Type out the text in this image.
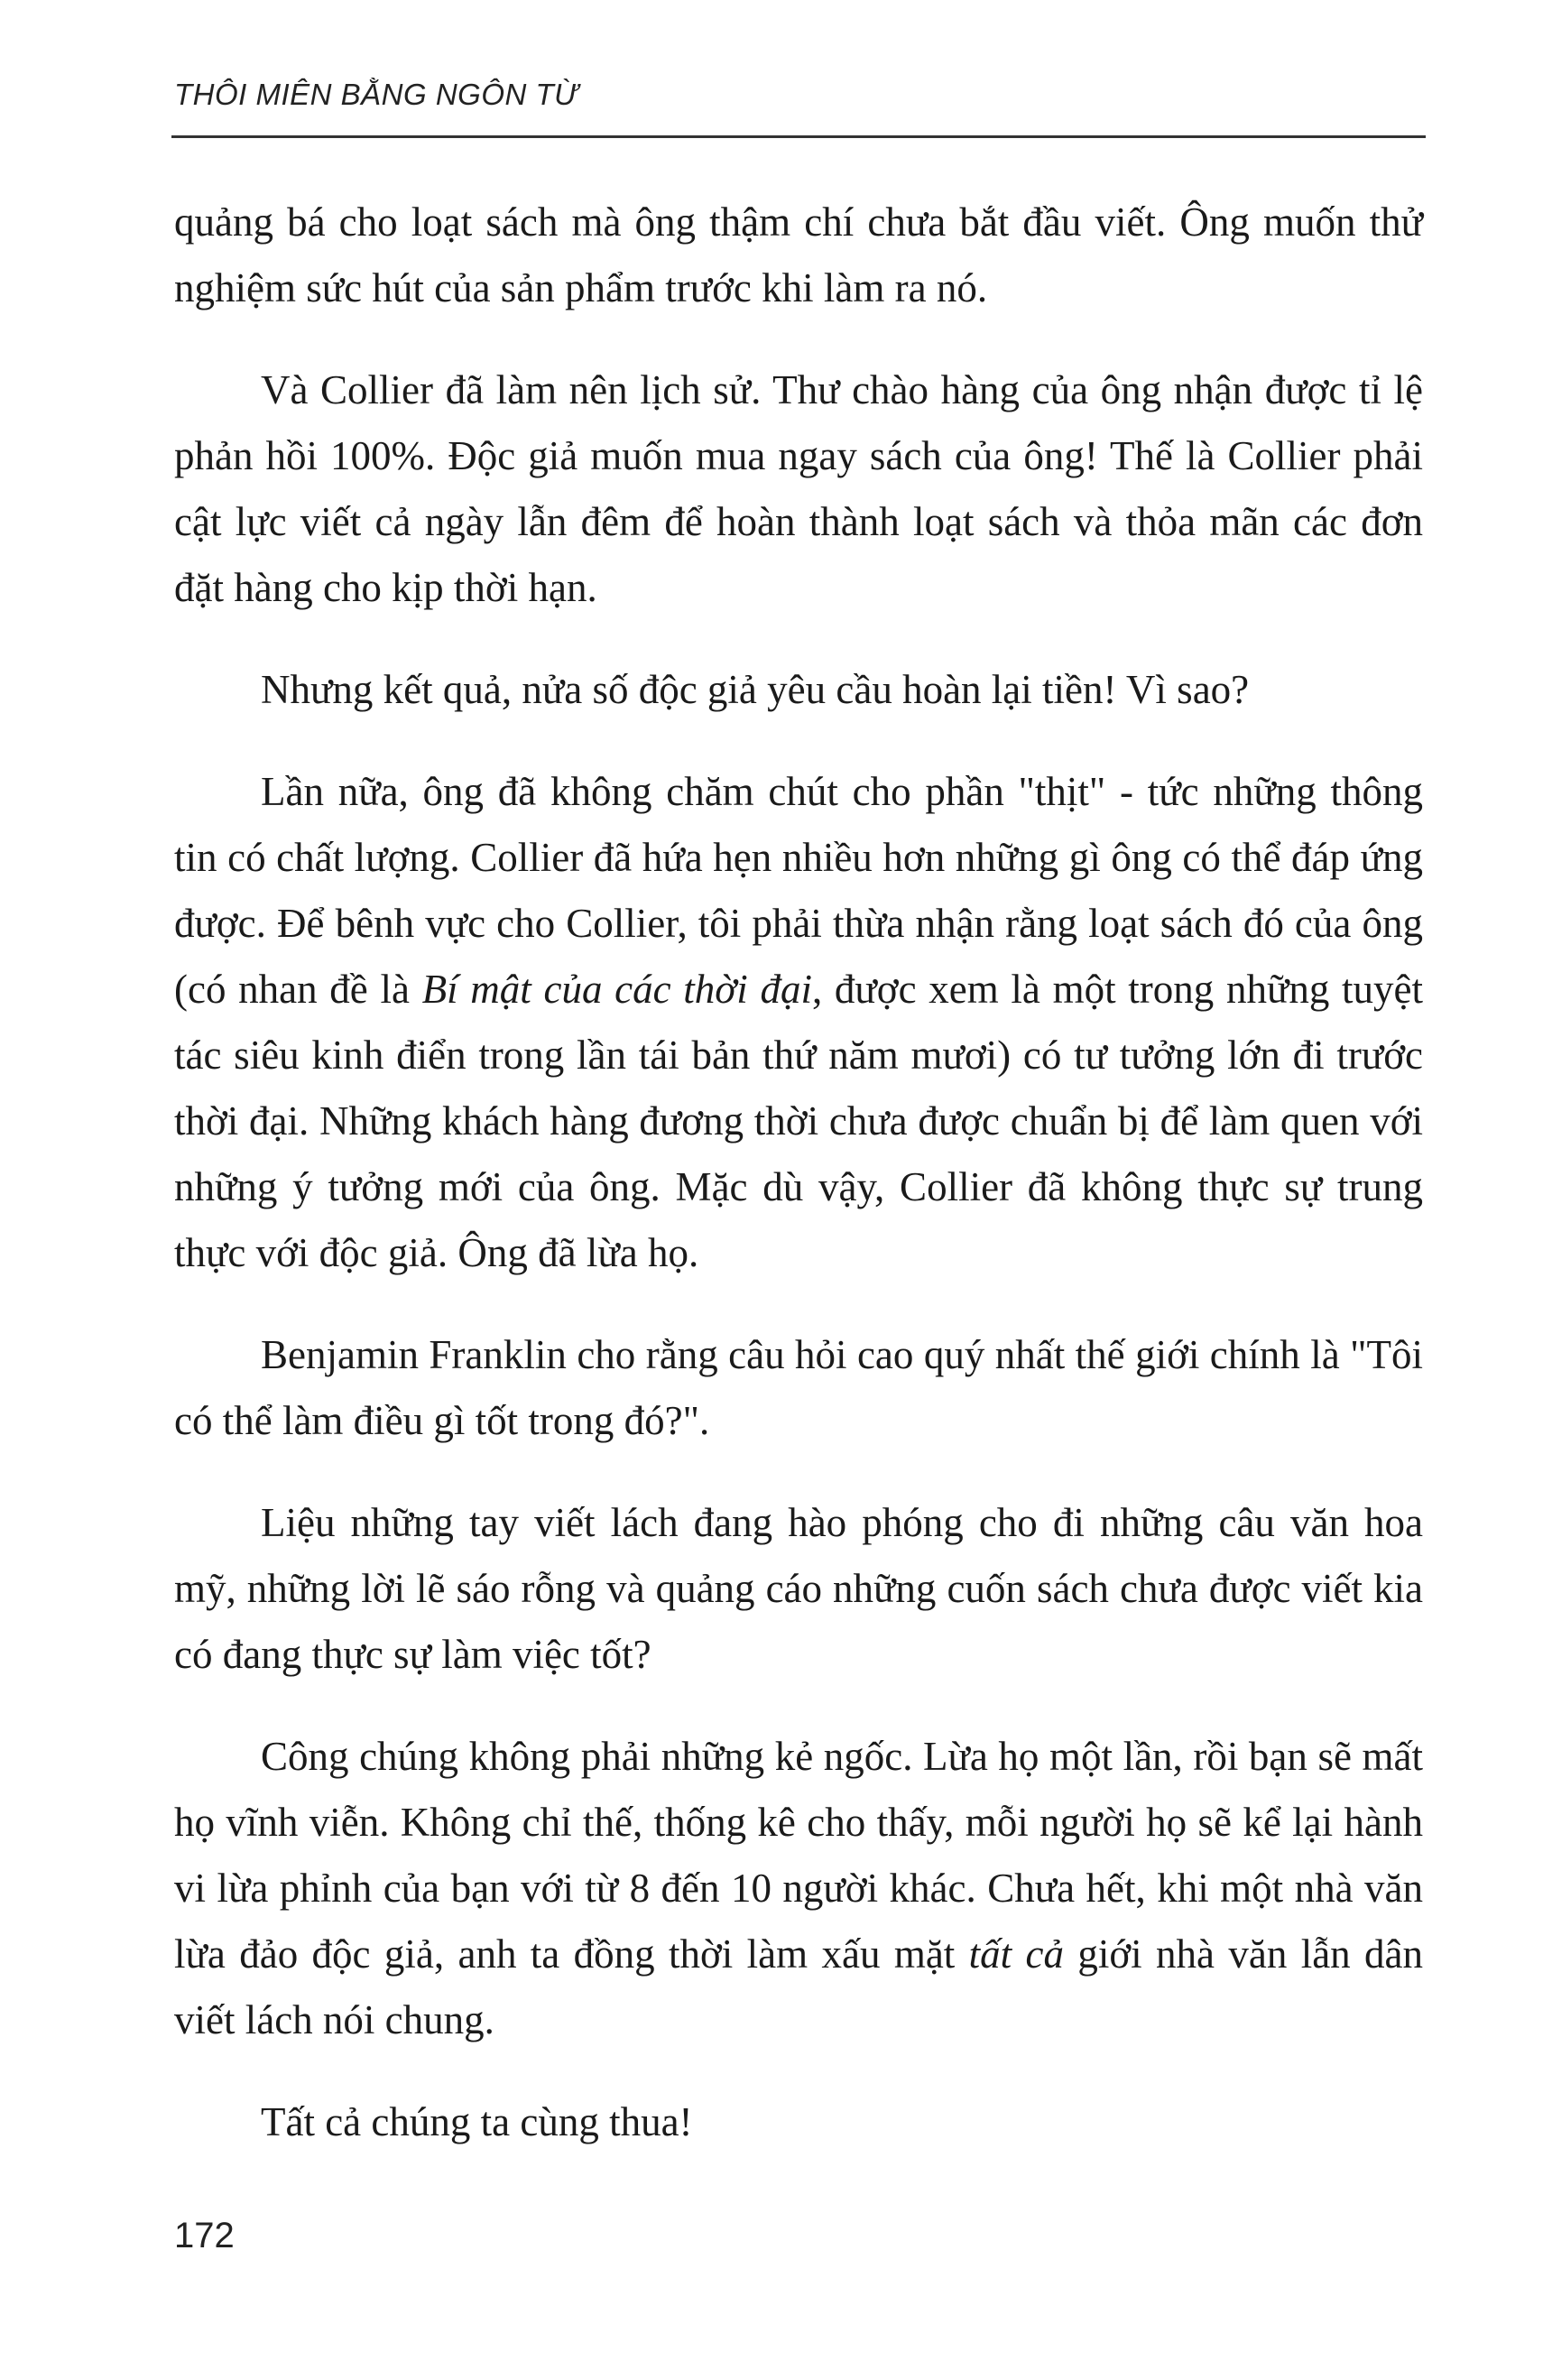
THÔI MIÊN BẰNG NGÔN TỪ

quảng bá cho loạt sách mà ông thậm chí chưa bắt đầu viết. Ông muốn thử nghiệm sức hút của sản phẩm trước khi làm ra nó.

Và Collier đã làm nên lịch sử. Thư chào hàng của ông nhận được tỉ lệ phản hồi 100%. Độc giả muốn mua ngay sách của ông! Thế là Collier phải cật lực viết cả ngày lẫn đêm để hoàn thành loạt sách và thỏa mãn các đơn đặt hàng cho kịp thời hạn.

Nhưng kết quả, nửa số độc giả yêu cầu hoàn lại tiền! Vì sao?

Lần nữa, ông đã không chăm chút cho phần "thịt" - tức những thông tin có chất lượng. Collier đã hứa hẹn nhiều hơn những gì ông có thể đáp ứng được. Để bênh vực cho Collier, tôi phải thừa nhận rằng loạt sách đó của ông (có nhan đề là Bí mật của các thời đại, được xem là một trong những tuyệt tác siêu kinh điển trong lần tái bản thứ năm mươi) có tư tưởng lớn đi trước thời đại. Những khách hàng đương thời chưa được chuẩn bị để làm quen với những ý tưởng mới của ông. Mặc dù vậy, Collier đã không thực sự trung thực với độc giả. Ông đã lừa họ.

Benjamin Franklin cho rằng câu hỏi cao quý nhất thế giới chính là "Tôi có thể làm điều gì tốt trong đó?".

Liệu những tay viết lách đang hào phóng cho đi những câu văn hoa mỹ, những lời lẽ sáo rỗng và quảng cáo những cuốn sách chưa được viết kia có đang thực sự làm việc tốt?

Công chúng không phải những kẻ ngốc. Lừa họ một lần, rồi bạn sẽ mất họ vĩnh viễn. Không chỉ thế, thống kê cho thấy, mỗi người họ sẽ kể lại hành vi lừa phỉnh của bạn với từ 8 đến 10 người khác. Chưa hết, khi một nhà văn lừa đảo độc giả, anh ta đồng thời làm xấu mặt tất cả giới nhà văn lẫn dân viết lách nói chung.

Tất cả chúng ta cùng thua!

172
